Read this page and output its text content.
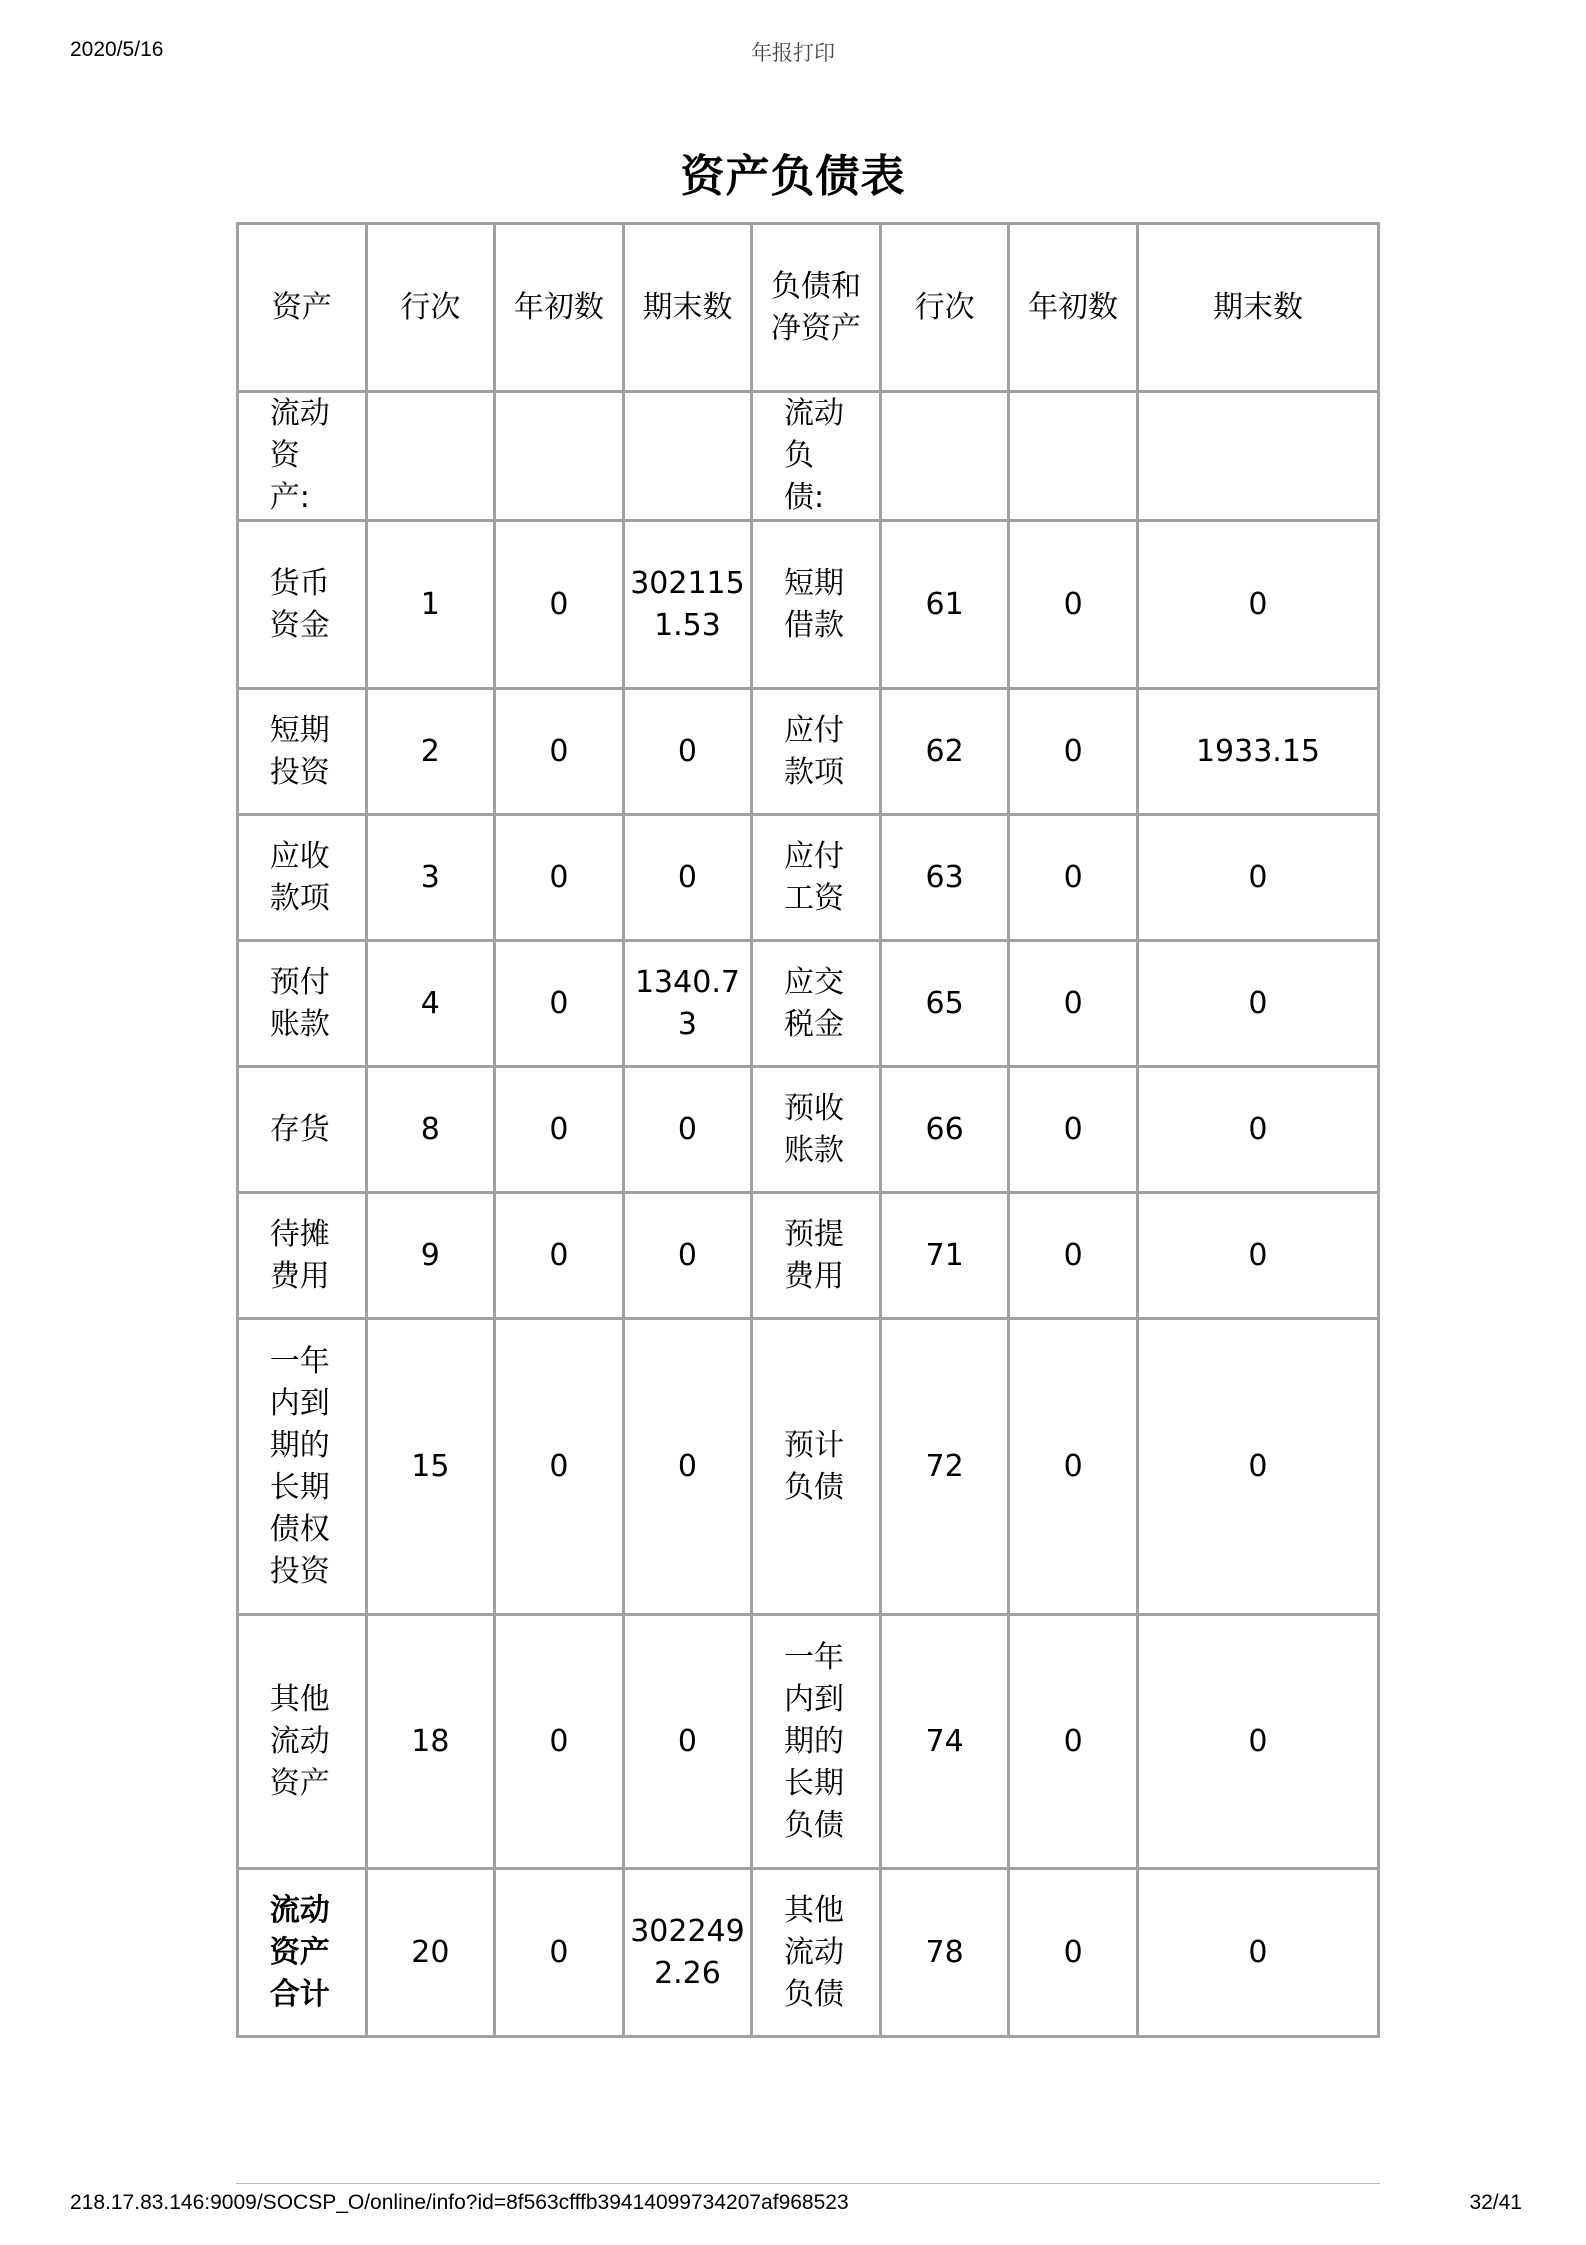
2020/5/16	年报打印
资产负债表
资产	行次	年初数	期末数	负债和净资产	行次	年初数	期末数
流动资产:				流动负债:			
货币资金	1	0	3021151.53	短期借款	61	0	0
短期投资	2	0	0	应付款项	62	0	1933.15
应收款项	3	0	0	应付工资	63	0	0
预付账款	4	0	1340.73	应交税金	65	0	0
存货	8	0	0	预收账款	66	0	0
待摊费用	9	0	0	预提费用	71	0	0
一年内到期的长期债权投资	15	0	0	预计负债	72	0	0
其他流动资产	18	0	0	一年内到期的长期负债	74	0	0
流动资产合计	20	0	3022492.26	其他流动负债	78	0	0
218.17.83.146:9009/SOCSP_O/online/info?id=8f563cfffb39414099734207af968523	32/41
